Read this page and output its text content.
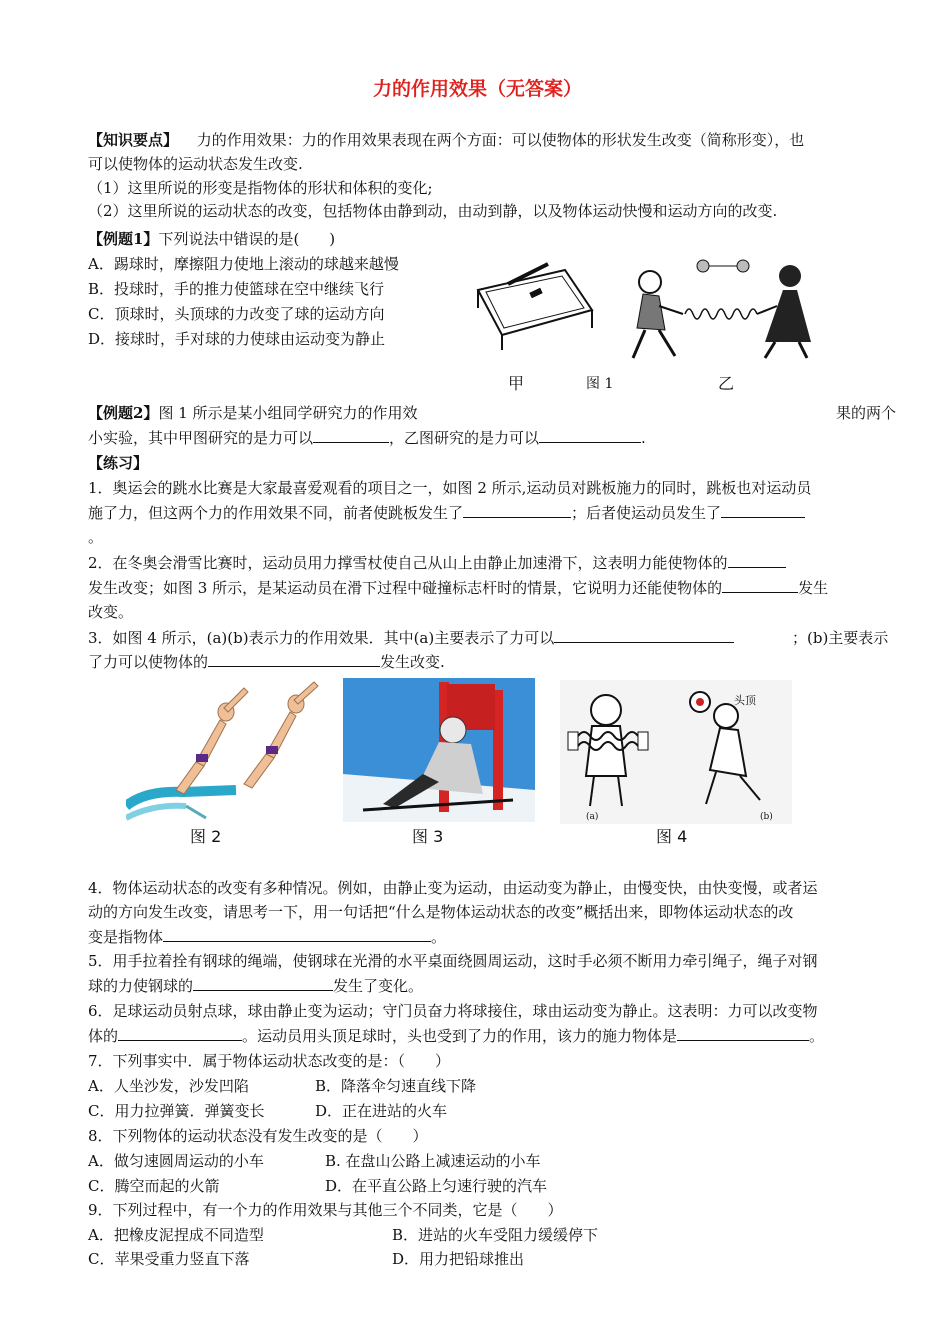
力的作用效果（无答案）
【知识要点】 力的作用效果：力的作用效果表现在两个方面：可以使物体的形状发生改变（简称形变），也
可以使物体的运动状态发生改变.
（1）这里所说的形变是指物体的形状和体积的变化;
（2）这里所说的运动状态的改变，包括物体由静到动，由动到静，以及物体运动快慢和运动方向的改变.
【例题1】下列说法中错误的是(　　)
A．踢球时，摩擦阻力使地上滚动的球越来越慢
B．投球时，手的推力使篮球在空中继续飞行
C．顶球时，头顶球的力改变了球的运动方向
D．接球时，手对球的力使球由运动变为静止
甲	图 1	乙
【例题2】图 1 所示是某小组同学研究力的作用效	果的两个
小实验，其中甲图研究的是力可以	，乙图研究的是力可以	.
【练习】
1．奥运会的跳水比赛是大家最喜爱观看的项目之一，如图 2 所示,运动员对跳板施力的同时，跳板也对运动员
施了力，但这两个力的作用效果不同，前者使跳板发生了	；后者使运动员发生了
。
2．在冬奥会滑雪比赛时，运动员用力撑雪杖使自己从山上由静止加速滑下，这表明力能使物体的
发生改变；如图 3 所示，是某运动员在滑下过程中碰撞标志杆时的情景，它说明力还能使物体的	发生
改变。
3．如图 4 所示，(a)(b)表示力的作用效果．其中(a)主要表示了力可以	；(b)主要表示
了力可以使物体的	发生改变.
图 2	图 3
头顶
(a)	(b)
图 4
4．物体运动状态的改变有多种情况。例如，由静止变为运动，由运动变为静止，由慢变快，由快变慢，或者运
动的方向发生改变，请思考一下，用一句话把“什么是物体运动状态的改变”概括出来，即物体运动状态的改
变是指物体	。
5．用手拉着拴有钢球的绳端，使钢球在光滑的水平桌面绕圆周运动，这时手必须不断用力牵引绳子，绳子对钢
球的力使钢球的	发生了变化。
6．足球运动员射点球，球由静止变为运动；守门员奋力将球接住，球由运动变为静止。这表明：力可以改变物
体的	。运动员用头顶足球时，头也受到了力的作用，该力的施力物体是	。
7．下列事实中．属于物体运动状态改变的是：（　　）
A．人坐沙发，沙发凹陷	B．降落伞匀速直线下降
C．用力拉弹簧．弹簧变长	D．正在进站的火车
8．下列物体的运动状态没有发生改变的是（　　）
A．做匀速圆周运动的小车	B. 在盘山公路上减速运动的小车
C．腾空而起的火箭	D．在平直公路上匀速行驶的汽车
9．下列过程中，有一个力的作用效果与其他三个不同类，它是（　　）
A．把橡皮泥捏成不同造型	B．进站的火车受阻力缓缓停下
C．苹果受重力竖直下落	D．用力把铅球推出
